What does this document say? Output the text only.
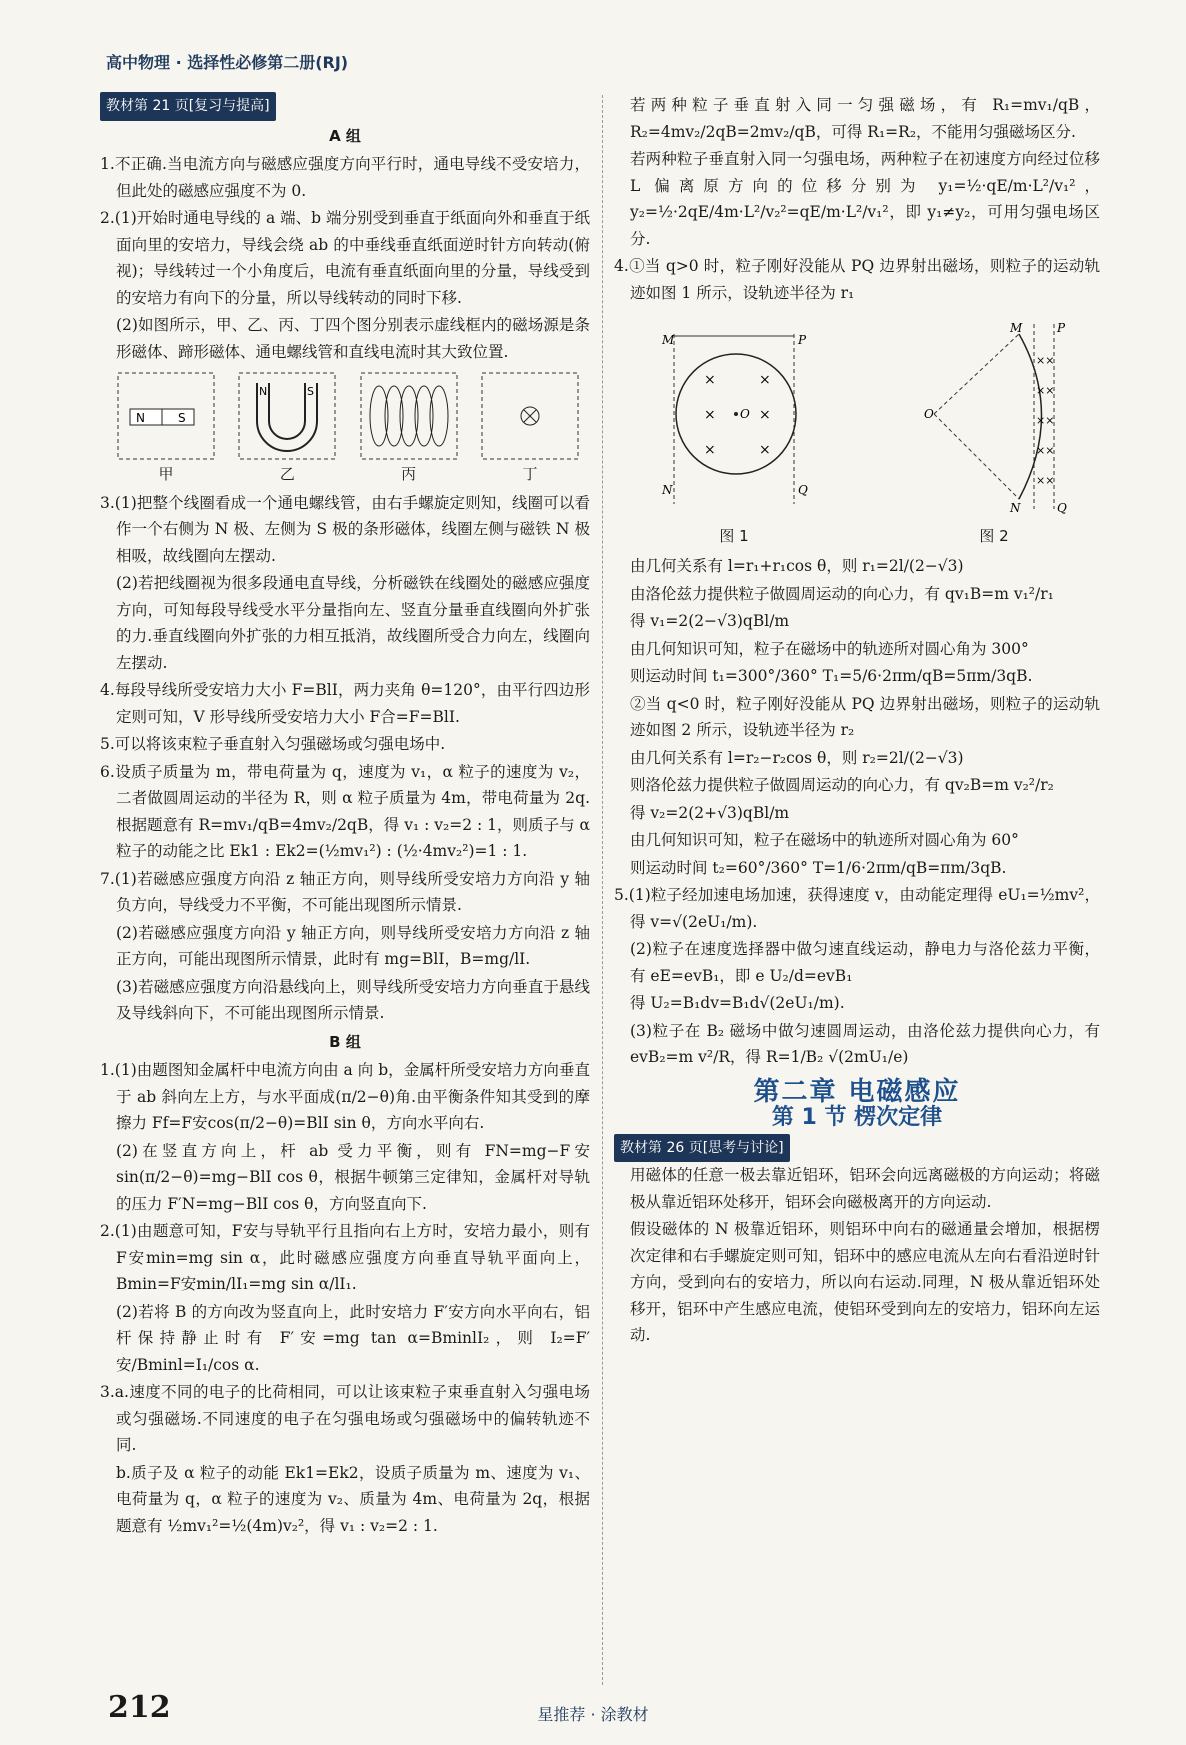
高中物理 · 选择性必修第二册(RJ)
教材第 21 页[复习与提高]
A 组

1.不正确.当电流方向与磁感应强度方向平行时，通电导线不受安培力，但此处的磁感应强度不为 0.

2.(1)开始时通电导线的 a 端、b 端分别受到垂直于纸面向外和垂直于纸面向里的安培力，导线会绕 ab 的中垂线垂直纸面逆时针方向转动(俯视)；导线转过一个小角度后，电流有垂直纸面向里的分量，导线受到的安培力有向下的分量，所以导线转动的同时下移.

(2)如图所示，甲、乙、丙、丁四个图分别表示虚线框内的磁场源是条形磁体、蹄形磁体、通电螺线管和直线电流时其大致位置.

N	S
甲
N	S
乙	丙	丁

3.(1)把整个线圈看成一个通电螺线管，由右手螺旋定则知，线圈可以看作一个右侧为 N 极、左侧为 S 极的条形磁体，线圈左侧与磁铁 N 极相吸，故线圈向左摆动.

(2)若把线圈视为很多段通电直导线，分析磁铁在线圈处的磁感应强度方向，可知每段导线受水平分量指向左、竖直分量垂直线圈向外扩张的力.垂直线圈向外扩张的力相互抵消，故线圈所受合力向左，线圈向左摆动.

4.每段导线所受安培力大小 F=BlI，两力夹角 θ=120°，由平行四边形定则可知，V 形导线所受安培力大小 F合=F=BlI.

5.可以将该束粒子垂直射入匀强磁场或匀强电场中.

6.设质子质量为 m，带电荷量为 q，速度为 v₁，α 粒子的速度为 v₂，二者做圆周运动的半径为 R，则 α 粒子质量为 4m，带电荷量为 2q.根据题意有 R=mv₁/qB=4mv₂/2qB，得 v₁ : v₂=2 : 1，则质子与 α 粒子的动能之比 Ek1 : Ek2=(½mv₁²) : (½·4mv₂²)=1 : 1.

7.(1)若磁感应强度方向沿 z 轴正方向，则导线所受安培力方向沿 y 轴负方向，导线受力不平衡，不可能出现图所示情景.

(2)若磁感应强度方向沿 y 轴正方向，则导线所受安培力方向沿 z 轴正方向，可能出现图所示情景，此时有 mg=BlI，B=mg/lI.

(3)若磁感应强度方向沿悬线向上，则导线所受安培力方向垂直于悬线及导线斜向下，不可能出现图所示情景.

B 组

1.(1)由题图知金属杆中电流方向由 a 向 b，金属杆所受安培力方向垂直于 ab 斜向左上方，与水平面成(π/2−θ)角.由平衡条件知其受到的摩擦力 Ff=F安cos(π/2−θ)=BlI sin θ，方向水平向右.

(2)在竖直方向上，杆 ab 受力平衡，则有 FN=mg−F安sin(π/2−θ)=mg−BlI cos θ，根据牛顿第三定律知，金属杆对导轨的压力 F′N=mg−BlI cos θ，方向竖直向下.

2.(1)由题意可知，F安与导轨平行且指向右上方时，安培力最小，则有 F安min=mg sin α，此时磁感应强度方向垂直导轨平面向上，Bmin=F安min/lI₁=mg sin α/lI₁.

(2)若将 B 的方向改为竖直向上，此时安培力 F′安方向水平向右，铝杆保持静止时有 F′安=mg tan α=BminlI₂，则 I₂=F′安/Bminl=I₁/cos α.

3.a.速度不同的电子的比荷相同，可以让该束粒子束垂直射入匀强电场或匀强磁场.不同速度的电子在匀强电场或匀强磁场中的偏转轨迹不同.

b.质子及 α 粒子的动能 Ek1=Ek2，设质子质量为 m、速度为 v₁、电荷量为 q，α 粒子的速度为 v₂、质量为 4m、电荷量为 2q，根据题意有 ½mv₁²=½(4m)v₂²，得 v₁ : v₂=2 : 1.

若两种粒子垂直射入同一匀强磁场，有 R₁=mv₁/qB，R₂=4mv₂/2qB=2mv₂/qB，可得 R₁=R₂，不能用匀强磁场区分.

若两种粒子垂直射入同一匀强电场，两种粒子在初速度方向经过位移 L 偏离原方向的位移分别为 y₁=½·qE/m·L²/v₁²，y₂=½·2qE/4m·L²/v₂²=qE/m·L²/v₁²，即 y₁≠y₂，可用匀强电场区分.

4.①当 q>0 时，粒子刚好没能从 PQ 边界射出磁场，则粒子的运动轨迹如图 1 所示，设轨迹半径为 r₁

×	×
×	×
×	×
M	P
N	Q
O
图 1
××
××
××
××
××
O
M	P
N	Q
图 2

由几何关系有 l=r₁+r₁cos θ，则 r₁=2l/(2−√3)

由洛伦兹力提供粒子做圆周运动的向心力，有 qv₁B=m v₁²/r₁

得 v₁=2(2−√3)qBl/m

由几何知识可知，粒子在磁场中的轨迹所对圆心角为 300°

则运动时间 t₁=300°/360° T₁=5/6·2πm/qB=5πm/3qB.

②当 q<0 时，粒子刚好没能从 PQ 边界射出磁场，则粒子的运动轨迹如图 2 所示，设轨迹半径为 r₂

由几何关系有 l=r₂−r₂cos θ，则 r₂=2l/(2−√3)

则洛伦兹力提供粒子做圆周运动的向心力，有 qv₂B=m v₂²/r₂

得 v₂=2(2+√3)qBl/m

由几何知识可知，粒子在磁场中的轨迹所对圆心角为 60°

则运动时间 t₂=60°/360° T=1/6·2πm/qB=πm/3qB.

5.(1)粒子经加速电场加速，获得速度 v，由动能定理得 eU₁=½mv²，得 v=√(2eU₁/m).

(2)粒子在速度选择器中做匀速直线运动，静电力与洛伦兹力平衡，有 eE=evB₁，即 e U₂/d=evB₁

得 U₂=B₁dv=B₁d√(2eU₁/m).

(3)粒子在 B₂ 磁场中做匀速圆周运动，由洛伦兹力提供向心力，有 evB₂=m v²/R，得 R=1/B₂ √(2mU₁/e)

第二章 电磁感应
第 1 节 楞次定律
教材第 26 页[思考与讨论]

用磁体的任意一极去靠近铝环，铝环会向远离磁极的方向运动；将磁极从靠近铝环处移开，铝环会向磁极离开的方向运动.

假设磁体的 N 极靠近铝环，则铝环中向右的磁通量会增加，根据楞次定律和右手螺旋定则可知，铝环中的感应电流从左向右看沿逆时针方向，受到向右的安培力，所以向右运动.同理，N 极从靠近铝环处移开，铝环中产生感应电流，使铝环受到向左的安培力，铝环向左运动.

212	星推荐 · 涂教材
